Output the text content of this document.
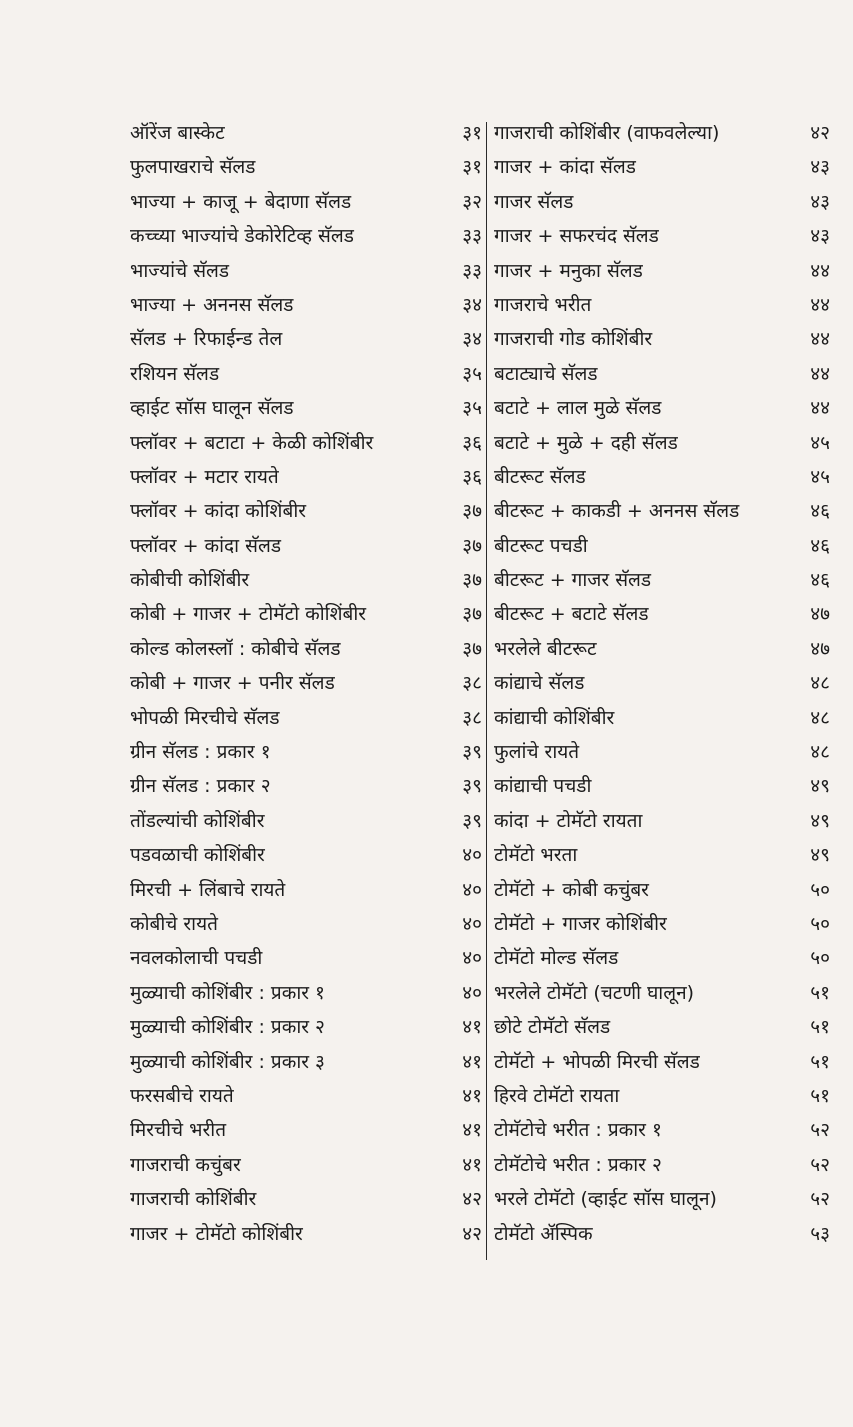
ऑरेंज बास्केट	३१
फुलपाखराचे सॅलड	३१
भाज्या + काजू + बेदाणा सॅलड	३२
कच्च्या भाज्यांचे डेकोरेटिव्ह सॅलड	३३
भाज्यांचे सॅलड	३३
भाज्या + अननस सॅलड	३४
सॅलड + रिफाईन्ड तेल	३४
रशियन सॅलड	३५
व्हाईट सॉस घालून सॅलड	३५
फ्लॉवर + बटाटा + केळी कोशिंबीर	३६
फ्लॉवर + मटार रायते	३६
फ्लॉवर + कांदा कोशिंबीर	३७
फ्लॉवर + कांदा सॅलड	३७
कोबीची कोशिंबीर	३७
कोबी + गाजर + टोमॅटो कोशिंबीर	३७
कोल्ड कोलस्लॉ : कोबीचे सॅलड	३७
कोबी + गाजर + पनीर सॅलड	३८
भोपळी मिरचीचे सॅलड	३८
ग्रीन सॅलड : प्रकार १	३९
ग्रीन सॅलड : प्रकार २	३९
तोंडल्यांची कोशिंबीर	३९
पडवळाची कोशिंबीर	४०
मिरची + लिंबाचे रायते	४०
कोबीचे रायते	४०
नवलकोलाची पचडी	४०
मुळ्याची कोशिंबीर : प्रकार १	४०
मुळ्याची कोशिंबीर : प्रकार २	४१
मुळ्याची कोशिंबीर : प्रकार ३	४१
फरसबीचे रायते	४१
मिरचीचे भरीत	४१
गाजराची कचुंबर	४१
गाजराची कोशिंबीर	४२
गाजर + टोमॅटो कोशिंबीर	४२
गाजराची कोशिंबीर (वाफवलेल्या)	४२
गाजर + कांदा सॅलड	४३
गाजर सॅलड	४३
गाजर + सफरचंद सॅलड	४३
गाजर + मनुका सॅलड	४४
गाजराचे भरीत	४४
गाजराची गोड कोशिंबीर	४४
बटाट्याचे सॅलड	४४
बटाटे + लाल मुळे सॅलड	४४
बटाटे + मुळे + दही सॅलड	४५
बीटरूट सॅलड	४५
बीटरूट + काकडी + अननस सॅलड	४६
बीटरूट पचडी	४६
बीटरूट + गाजर सॅलड	४६
बीटरूट + बटाटे सॅलड	४७
भरलेले बीटरूट	४७
कांद्याचे सॅलड	४८
कांद्याची कोशिंबीर	४८
फुलांचे रायते	४८
कांद्याची पचडी	४९
कांदा + टोमॅटो रायता	४९
टोमॅटो भरता	४९
टोमॅटो + कोबी कचुंबर	५०
टोमॅटो + गाजर कोशिंबीर	५०
टोमॅटो मोल्ड सॅलड	५०
भरलेले टोमॅटो (चटणी घालून)	५१
छोटे टोमॅटो सॅलड	५१
टोमॅटो + भोपळी मिरची सॅलड	५१
हिरवे टोमॅटो रायता	५१
टोमॅटोचे भरीत : प्रकार १	५२
टोमॅटोचे भरीत : प्रकार २	५२
भरले टोमॅटो (व्हाईट सॉस घालून)	५२
टोमॅटो ॲस्पिक	५३
